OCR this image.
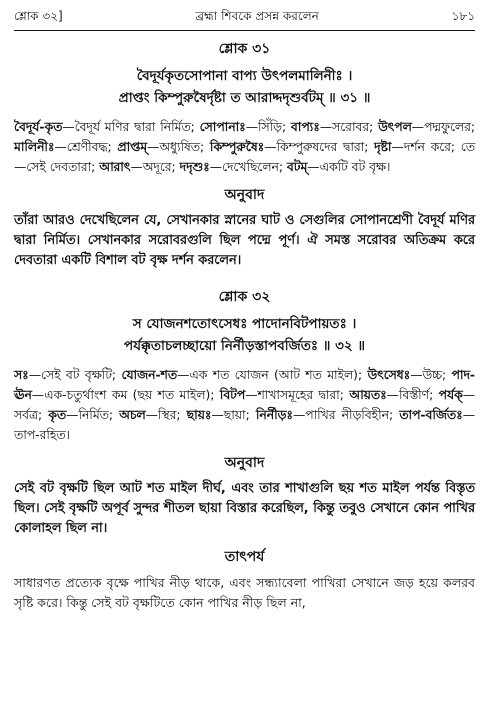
শ্লোক ৩২]	ব্রহ্মা শিবকে প্রসন্ন করলেন	১৮১
শ্লোক ৩১
বৈদূর্যকৃতসোপানা বাপ্য উৎপলমালিনীঃ ।
প্রাপ্তং কিম্পুরুষৈর্দৃষ্টা ত আরাদ্দদৃশুর্বটম্ ॥ ৩১ ॥
বৈদূর্য-কৃত—বৈদূর্য মণির দ্বারা নির্মিত; সোপানাঃ—সিঁড়ি; বাপ্যঃ—সরোবর; উৎপল—পদ্মফুলের; মালিনীঃ—শ্রেণীবদ্ধ; প্রাপ্তম্—অধ্যুষিত; কিম্পুরুষৈঃ—কিম্পুরুষদের দ্বারা; দৃষ্টা—দর্শন করে; তে—সেই দেবতারা; আরাৎ—অদূরে; দদৃশুঃ—দেখেছিলেন; বটম্—একটি বট বৃক্ষ।
অনুবাদ
তাঁরা আরও দেখেছিলেন যে, সেখানকার স্নানের ঘাট ও সেগুলির সোপানশ্রেণী বৈদূর্য মণির দ্বারা নির্মিত। সেখানকার সরোবরগুলি ছিল পদ্মে পূর্ণ। ঐ সমস্ত সরোবর অতিক্রম করে দেবতারা একটি বিশাল বট বৃক্ষ দর্শন করলেন।
শ্লোক ৩২
স যোজনশতোৎসেধঃ পাদোনবিটপায়তঃ ।
পর্যক্কৃতাচলচ্ছায়ো নির্নীড়স্তাপবর্জিতঃ ॥ ৩২ ॥
সঃ—সেই বট বৃক্ষটি; যোজন-শত—এক শত যোজন (আট শত মাইল); উৎসেধঃ—উচ্চ; পাদ-ঊন—এক-চতুর্থাংশ কম (ছয় শত মাইল); বিটপ—শাখাসমূহের দ্বারা; আয়তঃ—বিস্তীর্ণ; পর্যক্—সর্বত্র; কৃত—নির্মিত; অচল—স্থির; ছায়ঃ—ছায়া; নির্নীড়ঃ—পাখির নীড়বিহীন; তাপ-বর্জিতঃ—তাপ-রহিত।
অনুবাদ
সেই বট বৃক্ষটি ছিল আট শত মাইল দীর্ঘ, এবং তার শাখাগুলি ছয় শত মাইল পর্যন্ত বিস্তৃত ছিল। সেই বৃক্ষটি অপূর্ব সুন্দর শীতল ছায়া বিস্তার করেছিল, কিন্তু তবুও সেখানে কোন পাখির কোলাহল ছিল না।
তাৎপর্য
সাধারণত প্রত্যেক বৃক্ষে পাখির নীড় থাকে, এবং সন্ধ্যাবেলা পাখিরা সেখানে জড় হয়ে কলরব সৃষ্টি করে। কিন্তু সেই বট বৃক্ষটিতে কোন পাখির নীড় ছিল না,
